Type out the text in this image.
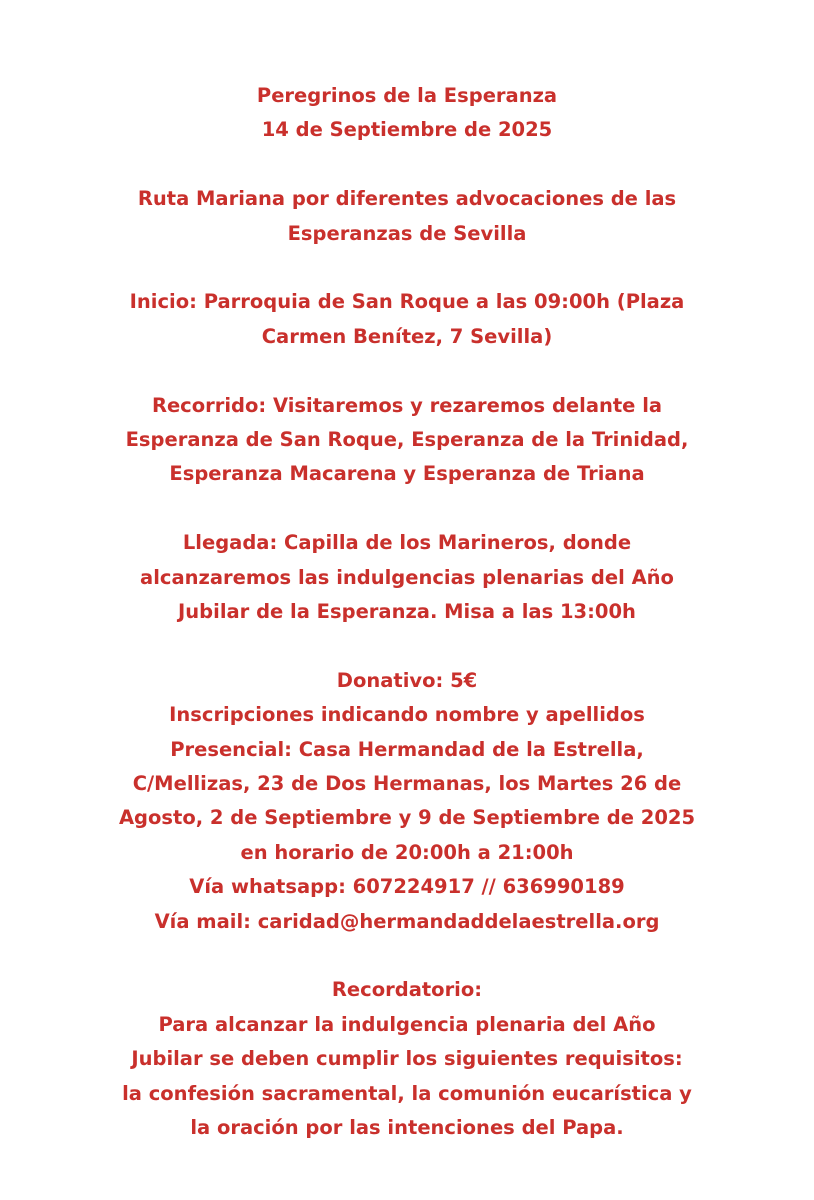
Peregrinos de la Esperanza
14 de Septiembre de 2025
Ruta Mariana por diferentes advocaciones de las
Esperanzas de Sevilla
Inicio: Parroquia de San Roque a las 09:00h (Plaza
Carmen Benítez, 7 Sevilla)
Recorrido: Visitaremos y rezaremos delante la
Esperanza de San Roque, Esperanza de la Trinidad,
Esperanza Macarena y Esperanza de Triana
Llegada: Capilla de los Marineros, donde
alcanzaremos las indulgencias plenarias del Año
Jubilar de la Esperanza. Misa a las 13:00h
Donativo: 5€
Inscripciones indicando nombre y apellidos
Presencial: Casa Hermandad de la Estrella,
C/Mellizas, 23 de Dos Hermanas, los Martes 26 de
Agosto, 2 de Septiembre y 9 de Septiembre de 2025
en horario de 20:00h a 21:00h
Vía whatsapp: 607224917 // 636990189
Vía mail: caridad@hermandaddelaestrella.org
Recordatorio:
Para alcanzar la indulgencia plenaria del Año
Jubilar se deben cumplir los siguientes requisitos:
la confesión sacramental, la comunión eucarística y
la oración por las intenciones del Papa.
